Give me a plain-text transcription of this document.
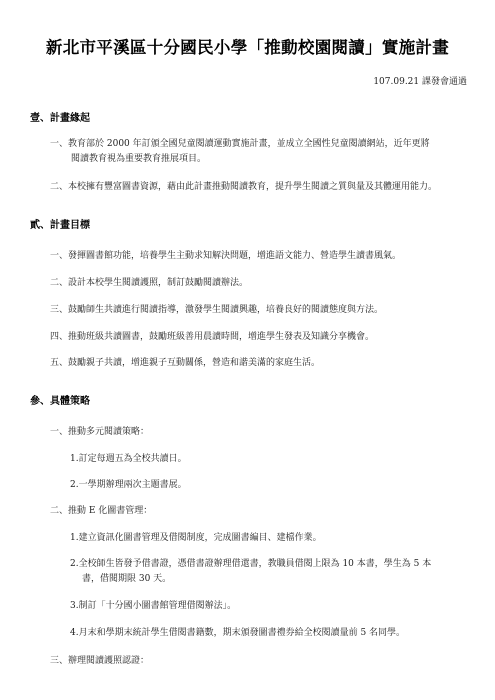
新北市平溪區十分國民小學「推動校園閱讀」實施計畫
107.09.21 課發會通過
壹、計畫緣起
一、教育部於 2000 年訂頒全國兒童閱讀運動實施計畫，並成立全國性兒童閱讀網站，近年更將
閱讀教育視為重要教育推展項目。
二、本校擁有豐富圖書資源，藉由此計畫推動閱讀教育，提升學生閱讀之質與量及其體運用能力。
貳、計畫目標
一、發揮圖書館功能，培養學生主動求知解決問題，增進語文能力、營造學生讀書風氣。
二、設計本校學生閱讀護照，制訂鼓勵閱讀辦法。
三、鼓勵師生共讀進行閱讀指導，激發學生閱讀興趣，培養良好的閱讀態度與方法。
四、推動班級共讀圖書，鼓勵班級善用晨讀時間，增進學生發表及知識分享機會。
五、鼓勵親子共讀，增進親子互動關係，營造和諧美滿的家庭生活。
參、具體策略
一、推動多元閱讀策略：
1.訂定每週五為全校共讀日。
2.一學期辦理兩次主題書展。
二、推動 E 化圖書管理：
1.建立資訊化圖書管理及借閱制度，完成圖書編目、建檔作業。
2.全校師生皆發予借書證，憑借書證辦理借還書，教職員借閱上限為 10 本書，學生為 5 本
書，借閱期限 30 天。
3.制訂「十分國小圖書館管理借閱辦法」。
4.月末和學期末統計學生借閱書籍數，期末頒發圖書禮券給全校閱讀量前 5 名同學。
三、辦理閱讀護照認證：
